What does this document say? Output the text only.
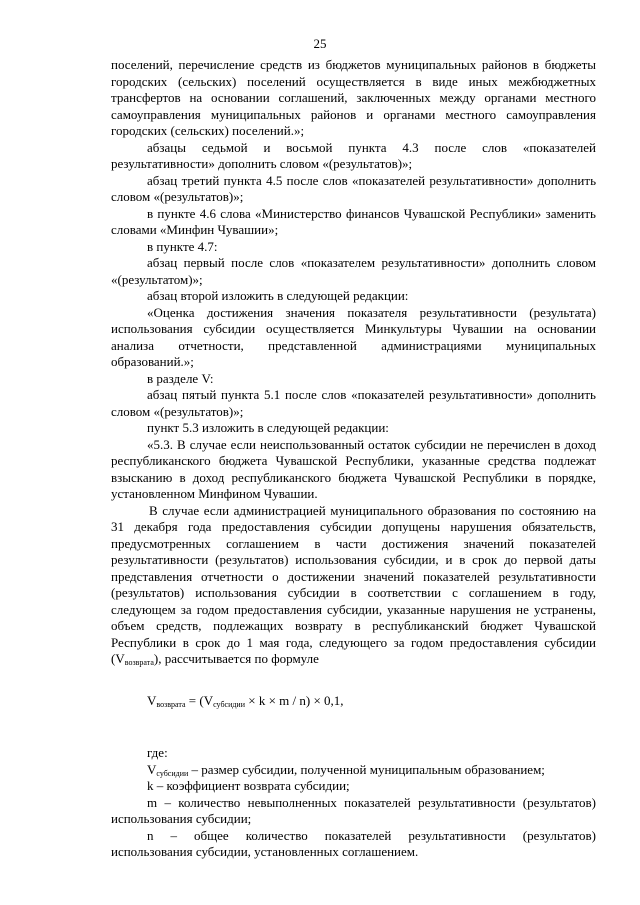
25

поселений, перечисление средств из бюджетов муниципальных районов в бюджеты городских (сельских) поселений осуществляется в виде иных межбюджетных трансфертов на основании соглашений, заключенных между органами местного самоуправления муниципальных районов и органами местного самоуправления городских (сельских) поселений.»;

абзацы седьмой и восьмой пункта 4.3 после слов «показателей результативности» дополнить словом «(результатов)»;

абзац третий пункта 4.5 после слов «показателей результативности» дополнить словом «(результатов)»;

в пункте 4.6 слова «Министерство финансов Чувашской Республики» заменить словами «Минфин Чувашии»;

в пункте 4.7:

абзац первый после слов «показателем результативности» дополнить словом «(результатом)»;

абзац второй изложить в следующей редакции:

«Оценка достижения значения показателя результативности (результата) использования субсидии осуществляется Минкультуры Чувашии на основании анализа отчетности, представленной администрациями муниципальных образований.»;

в разделе V:

абзац пятый пункта 5.1 после слов «показателей результативности» дополнить словом «(результатов)»;

пункт 5.3 изложить в следующей редакции:

«5.3. В случае если неиспользованный остаток субсидии не перечислен в доход республиканского бюджета Чувашской Республики, указанные средства подлежат взысканию в доход республиканского бюджета Чувашской Республики в порядке, установленном Минфином Чувашии.

В случае если администрацией муниципального образования по состоянию на 31 декабря года предоставления субсидии допущены нарушения обязательств, предусмотренных соглашением в части достижения значений показателей результативности (результатов) использования субсидии, и в срок до первой даты представления отчетности о достижении значений показателей результативности (результатов) использования субсидии в соответствии с соглашением в году, следующем за годом предоставления субсидии, указанные нарушения не устранены, объем средств, подлежащих возврату в республиканский бюджет Чувашской Республики в срок до 1 мая года, следующего за годом предоставления субсидии $(V_{возврата})$, рассчитывается по формуле

$V_{возврата} = (V_{субсидии} \times k \times m / n) \times 0,1$,

где:

$V_{субсидии}$ – размер субсидии, полученной муниципальным образованием;

k – коэффициент возврата субсидии;

m – количество невыполненных показателей результативности (результатов) использования субсидии;

n – общее количество показателей результативности (результатов) использования субсидии, установленных соглашением.
